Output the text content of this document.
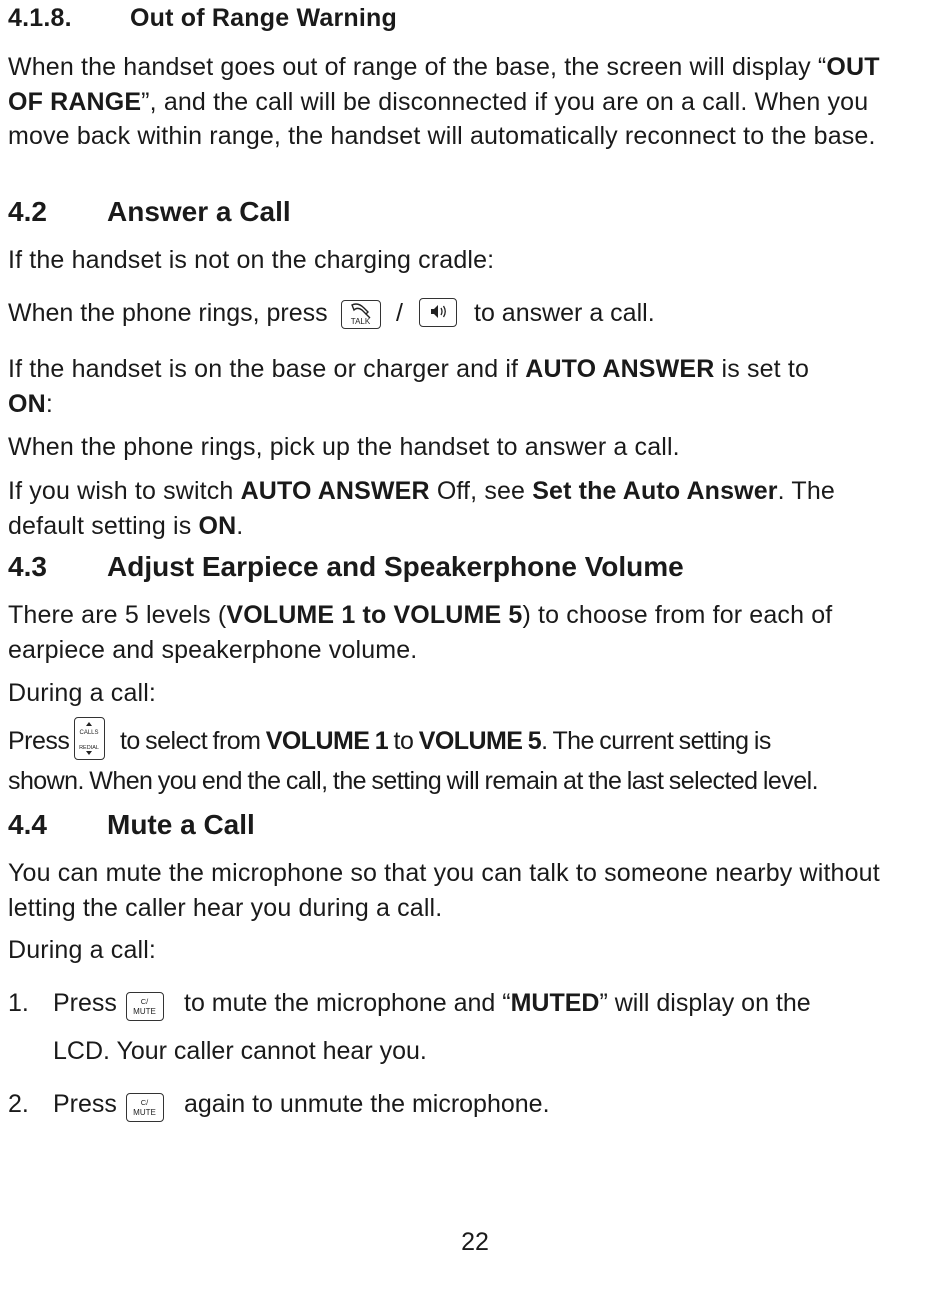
4.1.8. Out of Range Warning

When the handset goes out of range of the base, the screen will display “OUT OF RANGE”, and the call will be disconnected if you are on a call. When you move back within range, the handset will automatically reconnect to the base.

4.2 Answer a Call

If the handset is not on the charging cradle:

When the phone rings, press	TALK /	to answer a call.

If the handset is on the base or charger and if AUTO ANSWER is set to
ON:

When the phone rings, pick up the handset to answer a call.

If you wish to switch AUTO ANSWER Off, see Set the Auto Answer. The default setting is ON.

4.3 Adjust Earpiece and Speakerphone Volume

There are 5 levels (VOLUME 1 to VOLUME 5) to choose from for each of earpiece and speakerphone volume.

During a call:

Press CALLS
REDIAL to select from VOLUME 1 to VOLUME 5. The current setting is

shown. When you end the call, the setting will remain at the last selected level.

4.4 Mute a Call

You can mute the microphone so that you can talk to someone nearby without letting the caller hear you during a call.

During a call:

1. Press	C/
MUTE to mute the microphone and “MUTED” will display on the
LCD. Your caller cannot hear you.
2. Press	C/
MUTE again to unmute the microphone.
22
